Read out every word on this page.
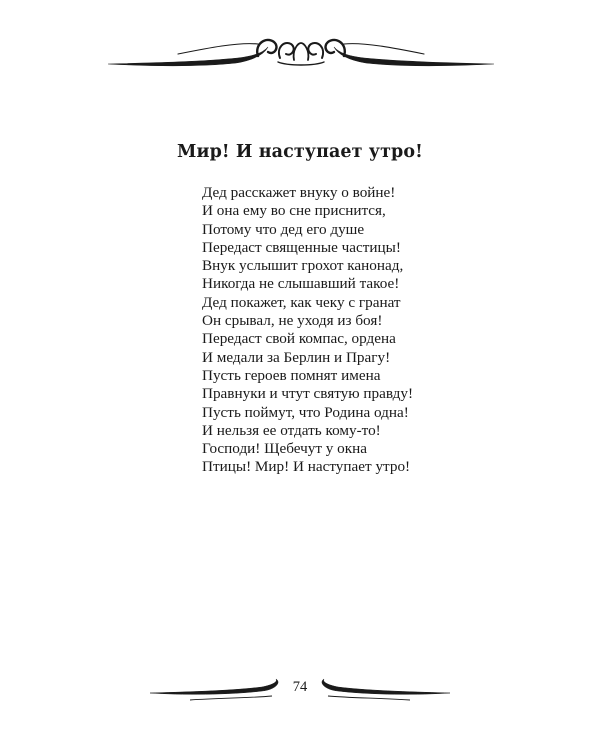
Мир! И наступает утро!
Дед расскажет внуку о войне!
И она ему во сне приснится,
Потому что дед его душе
Передаст священные частицы!
Внук услышит грохот канонад,
Никогда не слышавший такое!
Дед покажет, как чеку с гранат
Он срывал, не уходя из боя!
Передаст свой компас, ордена
И медали за Берлин и Прагу!
Пусть героев помнят имена
Правнуки и чтут святую правду!
Пусть поймут, что Родина одна!
И нельзя ее отдать кому-то!
Господи! Щебечут у окна
Птицы! Мир! И наступает утро!
74
